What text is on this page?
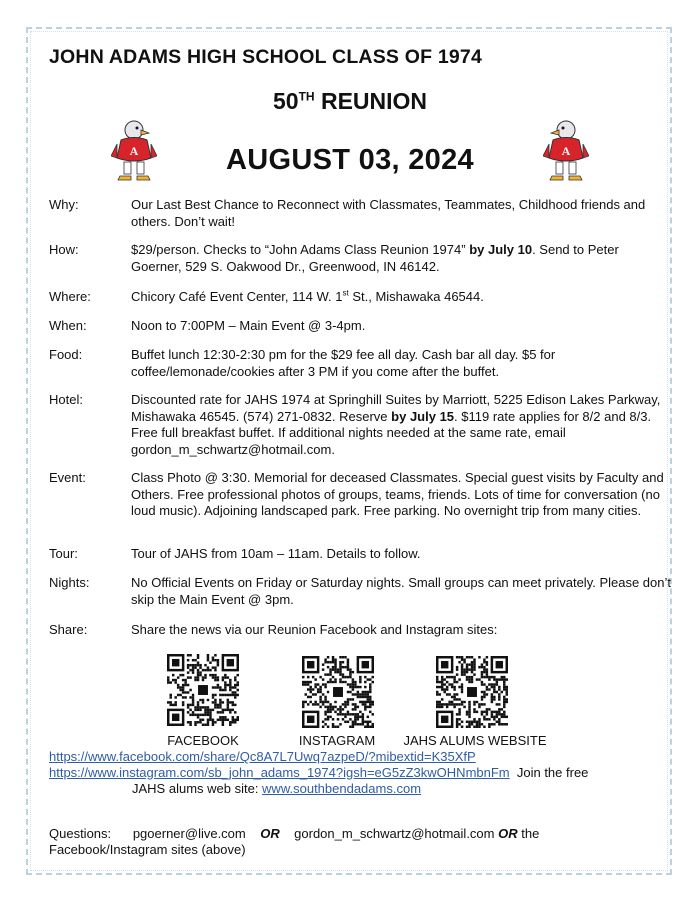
JOHN ADAMS HIGH SCHOOL CLASS OF 1974
50TH REUNION
AUGUST 03, 2024
A	A
Why:	Our Last Best Chance to Reconnect with Classmates, Teammates, Childhood friends and others. Don’t wait!
How:	$29/person. Checks to “John Adams Class Reunion 1974” by July 10. Send to Peter Goerner, 529 S. Oakwood Dr., Greenwood, IN 46142.
Where:	Chicory Café Event Center, 114 W. 1st St., Mishawaka 46544.
When:	Noon to 7:00PM – Main Event @ 3-4pm.
Food:	Buffet lunch 12:30-2:30 pm for the $29 fee all day. Cash bar all day. $5 for coffee/lemonade/cookies after 3 PM if you come after the buffet.
Hotel:	Discounted rate for JAHS 1974 at Springhill Suites by Marriott, 5225 Edison Lakes Parkway, Mishawaka 46545. (574) 271-0832. Reserve by July 15. $119 rate applies for 8/2 and 8/3. Free full breakfast buffet. If additional nights needed at the same rate, email gordon_m_schwartz@hotmail.com.
Event:	Class Photo @ 3:30. Memorial for deceased Classmates. Special guest visits by Faculty and Others. Free professional photos of groups, teams, friends. Lots of time for conversation (no loud music). Adjoining landscaped park. Free parking. No overnight trip from many cities.
Tour:	Tour of JAHS from 10am – 11am. Details to follow.
Nights:	No Official Events on Friday or Saturday nights. Small groups can meet privately. Please don’t skip the Main Event @ 3pm.
Share:	Share the news via our Reunion Facebook and Instagram sites:
FACEBOOK	INSTAGRAM	JAHS ALUMS WEBSITE
https://www.facebook.com/share/Qc8A7L7Uwq7azpeD/?mibextid=K35XfP
https://www.instagram.com/sb_john_adams_1974?igsh=eG5zZ3kwOHNmbnFm Join the free
JAHS alums web site: www.southbendadams.com
Questions: pgoerner@live.com OR gordon_m_schwartz@hotmail.com OR the
Facebook/Instagram sites (above)
